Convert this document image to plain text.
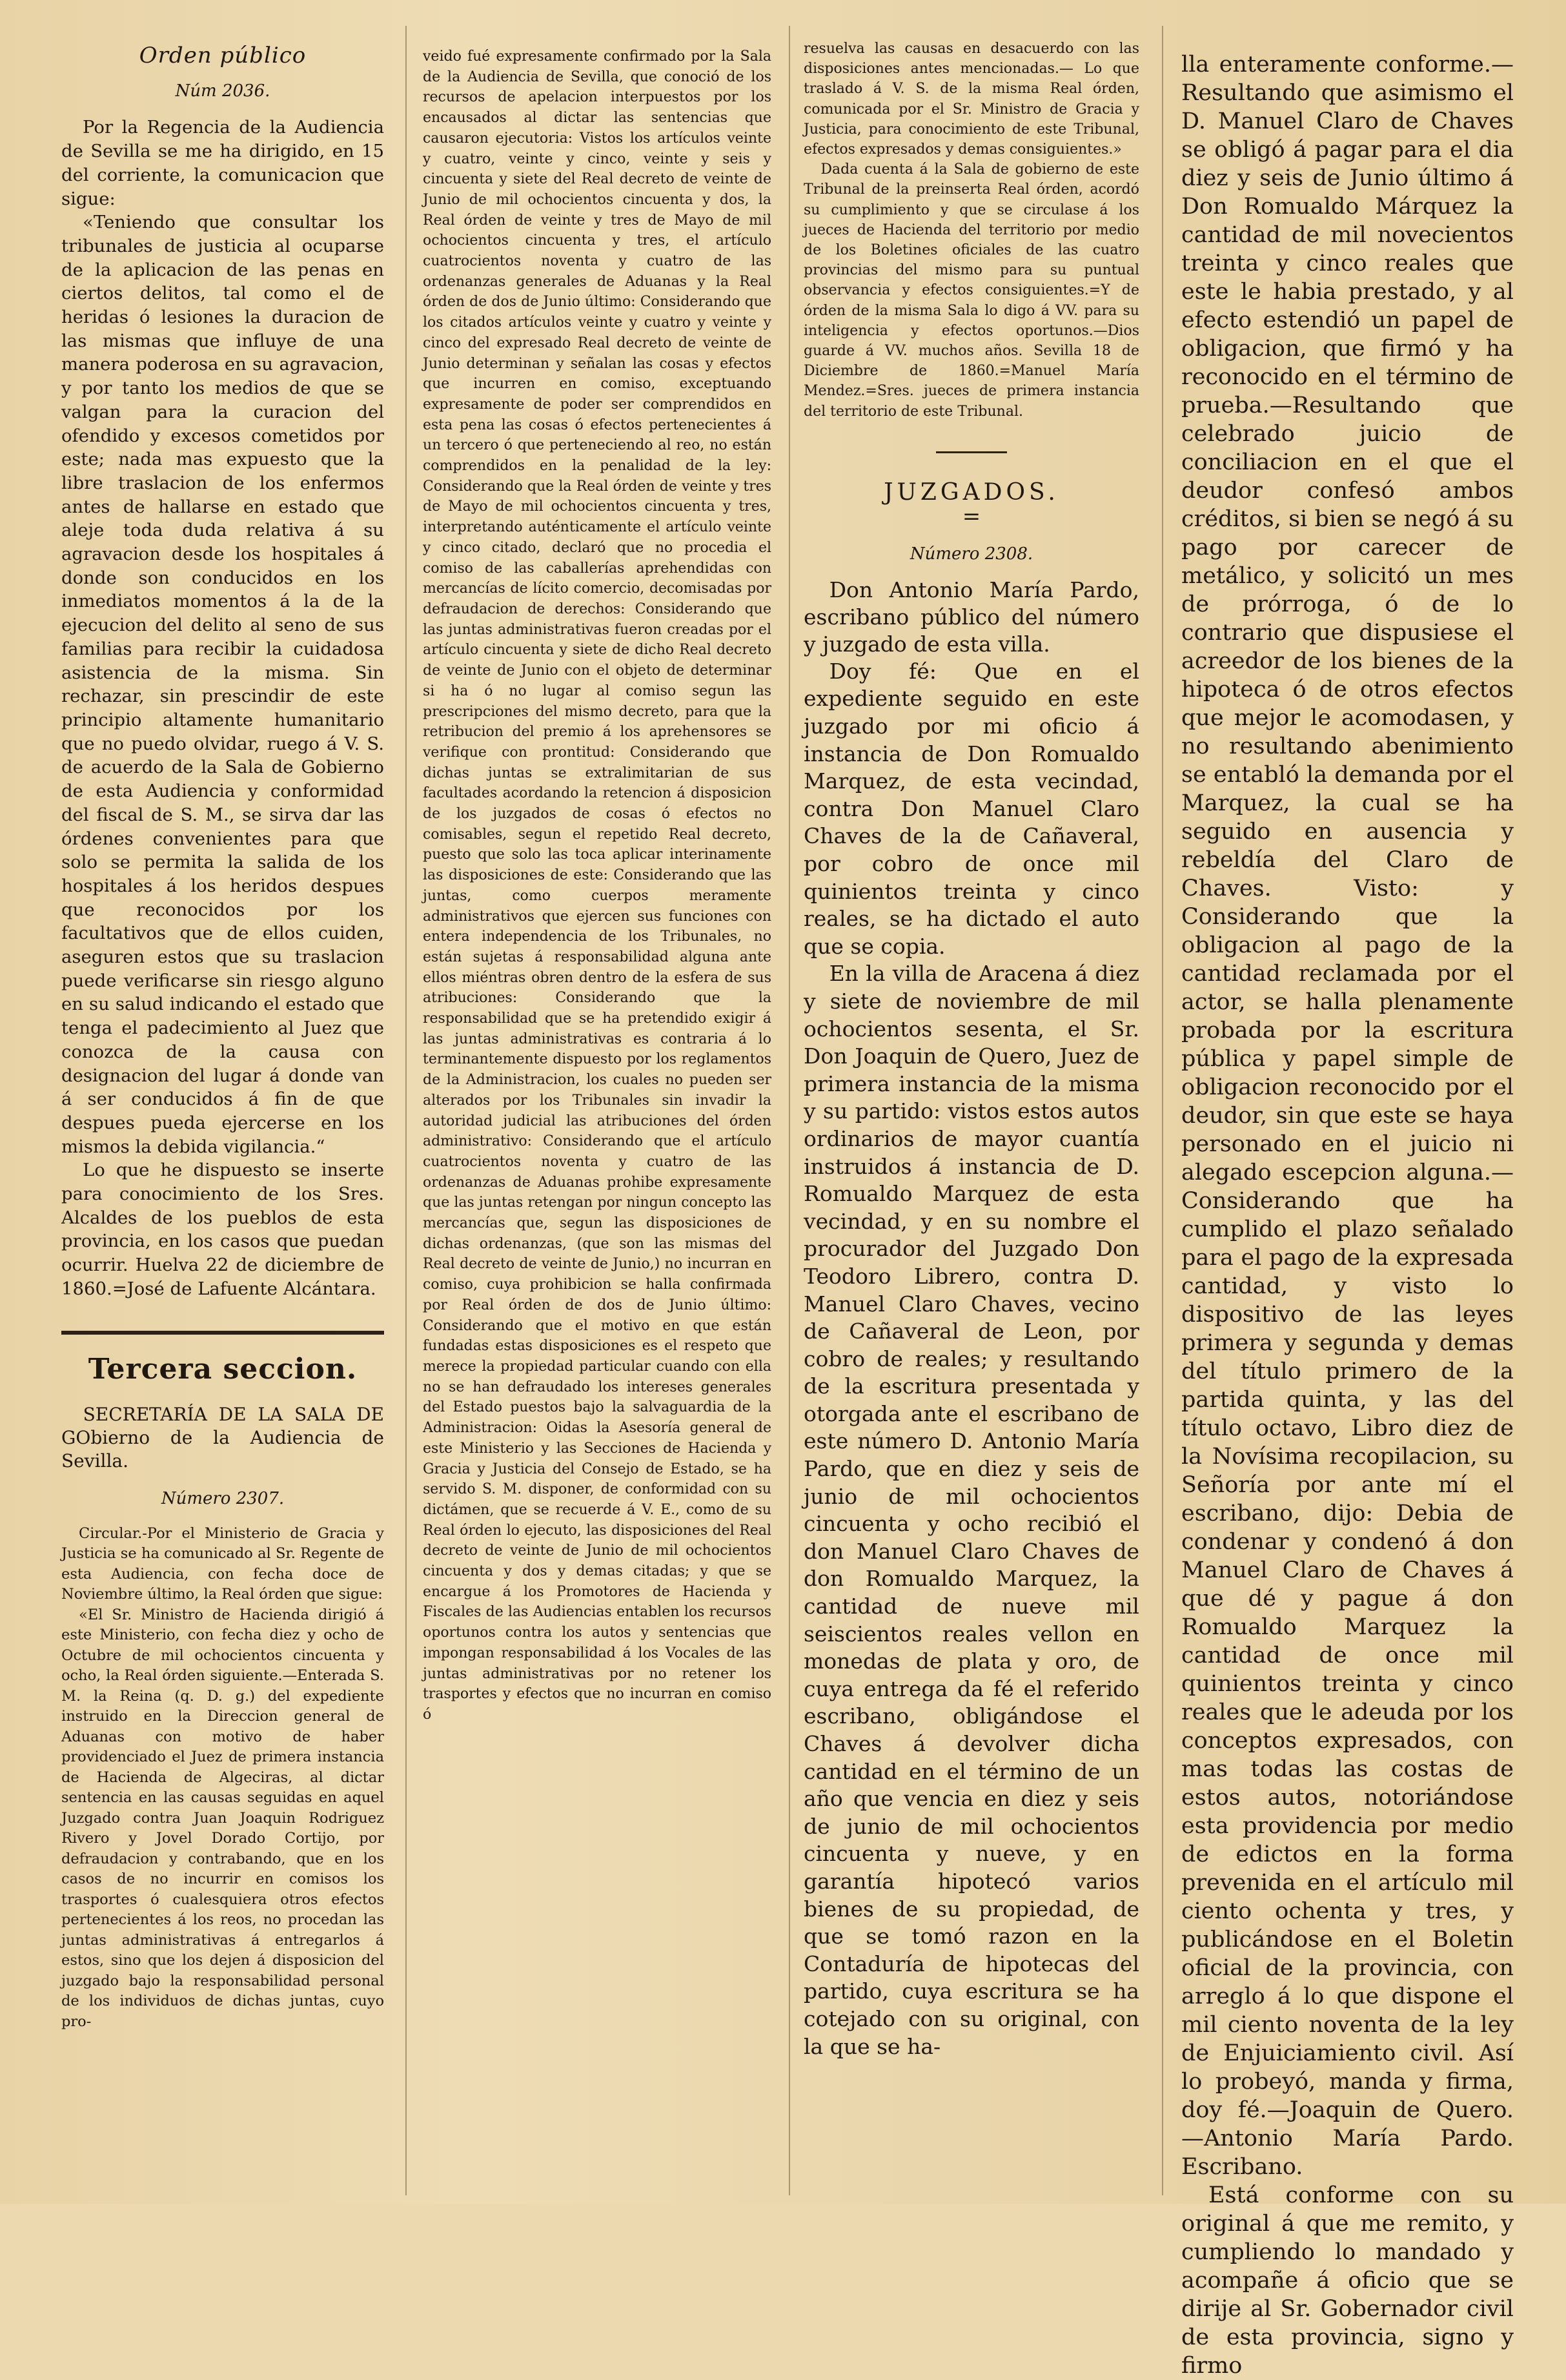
Orden público
Núm 2036.

Por la Regencia de la Audiencia de Sevilla se me ha dirigido, en 15 del corriente, la comunicacion que sigue:

«Teniendo que consultar los tribunales de justicia al ocuparse de la aplicacion de las penas en ciertos delitos, tal como el de heridas ó lesiones la duracion de las mismas que influye de una manera poderosa en su agravacion, y por tanto los medios de que se valgan para la curacion del ofendido y excesos cometidos por este; nada mas expuesto que la libre traslacion de los enfermos antes de hallarse en estado que aleje toda duda relativa á su agravacion desde los hospitales á donde son conducidos en los inmediatos momentos á la de la ejecucion del delito al seno de sus familias para recibir la cuidadosa asistencia de la misma. Sin rechazar, sin prescindir de este principio altamente humanitario que no puedo olvidar, ruego á V. S. de acuerdo de la Sala de Gobierno de esta Audiencia y conformidad del fiscal de S. M., se sirva dar las órdenes convenientes para que solo se permita la salida de los hospitales á los heridos despues que reconocidos por los facultativos que de ellos cuiden, aseguren estos que su traslacion puede verificarse sin riesgo alguno en su salud indicando el estado que tenga el padecimiento al Juez que conozca de la causa con designacion del lugar á donde van á ser conducidos á fin de que despues pueda ejercerse en los mismos la debida vigilancia.“

Lo que he dispuesto se inserte para conocimiento de los Sres. Alcaldes de los pueblos de esta provincia, en los casos que puedan ocurrir. Huelva 22 de diciembre de 1860.=José de Lafuente Alcántara.

Tercera seccion.

SECRETARÍA DE LA SALA DE GObierno de la Audiencia de Sevilla.

Número 2307.

Circular.-Por el Ministerio de Gracia y Justicia se ha comunicado al Sr. Regente de esta Audiencia, con fecha doce de Noviembre último, la Real órden que sigue:

«El Sr. Ministro de Hacienda dirigió á este Ministerio, con fecha diez y ocho de Octubre de mil ochocientos cincuenta y ocho, la Real órden siguiente.—Enterada S. M. la Reina (q. D. g.) del expediente instruido en la Direccion general de Aduanas con motivo de haber providenciado el Juez de primera instancia de Hacienda de Algeciras, al dictar sentencia en las causas seguidas en aquel Juzgado contra Juan Joaquin Rodriguez Rivero y Jovel Dorado Cortijo, por defraudacion y contrabando, que en los casos de no incurrir en comisos los trasportes ó cualesquiera otros efectos pertenecientes á los reos, no procedan las juntas administrativas á entregarlos á estos, sino que los dejen á disposicion del juzgado bajo la responsabilidad personal de los individuos de dichas juntas, cuyo pro-

veido fué expresamente confirmado por la Sala de la Audiencia de Sevilla, que conoció de los recursos de apelacion interpuestos por los encausados al dictar las sentencias que causaron ejecutoria: Vistos los artículos veinte y cuatro, veinte y cinco, veinte y seis y cincuenta y siete del Real decreto de veinte de Junio de mil ochocientos cincuenta y dos, la Real órden de veinte y tres de Mayo de mil ochocientos cincuenta y tres, el artículo cuatrocientos noventa y cuatro de las ordenanzas generales de Aduanas y la Real órden de dos de Junio último: Considerando que los citados artículos veinte y cuatro y veinte y cinco del expresado Real decreto de veinte de Junio determinan y señalan las cosas y efectos que incurren en comiso, exceptuando expresamente de poder ser comprendidos en esta pena las cosas ó efectos pertenecientes á un tercero ó que perteneciendo al reo, no están comprendidos en la penalidad de la ley: Considerando que la Real órden de veinte y tres de Mayo de mil ochocientos cincuenta y tres, interpretando auténticamente el artículo veinte y cinco citado, declaró que no procedia el comiso de las caballerías aprehendidas con mercancías de lícito comercio, decomisadas por defraudacion de derechos: Considerando que las juntas administrativas fueron creadas por el artículo cincuenta y siete de dicho Real decreto de veinte de Junio con el objeto de determinar si ha ó no lugar al comiso segun las prescripciones del mismo decreto, para que la retribucion del premio á los aprehensores se verifique con prontitud: Considerando que dichas juntas se extralimitarian de sus facultades acordando la retencion á disposicion de los juzgados de cosas ó efectos no comisables, segun el repetido Real decreto, puesto que solo las toca aplicar interinamente las disposiciones de este: Considerando que las juntas, como cuerpos meramente administrativos que ejercen sus funciones con entera independencia de los Tribunales, no están sujetas á responsabilidad alguna ante ellos miéntras obren dentro de la esfera de sus atribuciones: Considerando que la responsabilidad que se ha pretendido exigir á las juntas administrativas es contraria á lo terminantemente dispuesto por los reglamentos de la Administracion, los cuales no pueden ser alterados por los Tribunales sin invadir la autoridad judicial las atribuciones del órden administrativo: Considerando que el artículo cuatrocientos noventa y cuatro de las ordenanzas de Aduanas prohibe expresamente que las juntas retengan por ningun concepto las mercancías que, segun las disposiciones de dichas ordenanzas, (que son las mismas del Real decreto de veinte de Junio,) no incurran en comiso, cuya prohibicion se halla confirmada por Real órden de dos de Junio último: Considerando que el motivo en que están fundadas estas disposiciones es el respeto que merece la propiedad particular cuando con ella no se han defraudado los intereses generales del Estado puestos bajo la salvaguardia de la Administracion: Oidas la Asesoría general de este Ministerio y las Secciones de Hacienda y Gracia y Justicia del Consejo de Estado, se ha servido S. M. disponer, de conformidad con su dictámen, que se recuerde á V. E., como de su Real órden lo ejecuto, las disposiciones del Real decreto de veinte de Junio de mil ochocientos cincuenta y dos y demas citadas; y que se encargue á los Promotores de Hacienda y Fiscales de las Audiencias entablen los recursos oportunos contra los autos y sentencias que impongan responsabilidad á los Vocales de las juntas administrativas por no retener los trasportes y efectos que no incurran en comiso ó

resuelva las causas en desacuerdo con las disposiciones antes mencionadas.— Lo que traslado á V. S. de la misma Real órden, comunicada por el Sr. Ministro de Gracia y Justicia, para conocimiento de este Tribunal, efectos expresados y demas consiguientes.»

Dada cuenta á la Sala de gobierno de este Tribunal de la preinserta Real órden, acordó su cumplimiento y que se circulase á los jueces de Hacienda del territorio por medio de los Boletines oficiales de las cuatro provincias del mismo para su puntual observancia y efectos consiguientes.=Y de órden de la misma Sala lo digo á VV. para su inteligencia y efectos oportunos.—Dios guarde á VV. muchos años. Sevilla 18 de Diciembre de 1860.=Manuel María Mendez.=Sres. jueces de primera instancia del territorio de este Tribunal.

JUZGADOS.
=
Número 2308.

Don Antonio María Pardo, escribano público del número y juzgado de esta villa.

Doy fé: Que en el expediente seguido en este juzgado por mi oficio á instancia de Don Romualdo Marquez, de esta vecindad, contra Don Manuel Claro Chaves de la de Cañaveral, por cobro de once mil quinientos treinta y cinco reales, se ha dictado el auto que se copia.

En la villa de Aracena á diez y siete de noviembre de mil ochocientos sesenta, el Sr. Don Joaquin de Quero, Juez de primera instancia de la misma y su partido: vistos estos autos ordinarios de mayor cuantía instruidos á instancia de D. Romualdo Marquez de esta vecindad, y en su nombre el procurador del Juzgado Don Teodoro Librero, contra D. Manuel Claro Chaves, vecino de Cañaveral de Leon, por cobro de reales; y resultando de la escritura presentada y otorgada ante el escribano de este número D. Antonio María Pardo, que en diez y seis de junio de mil ochocientos cincuenta y ocho recibió el don Manuel Claro Chaves de don Romualdo Marquez, la cantidad de nueve mil seiscientos reales vellon en monedas de plata y oro, de cuya entrega da fé el referido escribano, obligándose el Chaves á devolver dicha cantidad en el término de un año que vencia en diez y seis de junio de mil ochocientos cincuenta y nueve, y en garantía hipotecó varios bienes de su propiedad, de que se tomó razon en la Contaduría de hipotecas del partido, cuya escritura se ha cotejado con su original, con la que se ha-

lla enteramente conforme.— Resultando que asimismo el D. Manuel Claro de Chaves se obligó á pagar para el dia diez y seis de Junio último á Don Romualdo Márquez la cantidad de mil novecientos treinta y cinco reales que este le habia prestado, y al efecto estendió un papel de obligacion, que firmó y ha reconocido en el término de prueba.—Resultando que celebrado juicio de conciliacion en el que el deudor confesó ambos créditos, si bien se negó á su pago por carecer de metálico, y solicitó un mes de prórroga, ó de lo contrario que dispusiese el acreedor de los bienes de la hipoteca ó de otros efectos que mejor le acomodasen, y no resultando abenimiento se entabló la demanda por el Marquez, la cual se ha seguido en ausencia y rebeldía del Claro de Chaves. Visto: y Considerando que la obligacion al pago de la cantidad reclamada por el actor, se halla plenamente probada por la escritura pública y papel simple de obligacion reconocido por el deudor, sin que este se haya personado en el juicio ni alegado escepcion alguna.—Considerando que ha cumplido el plazo señalado para el pago de la expresada cantidad, y visto lo dispositivo de las leyes primera y segunda y demas del título primero de la partida quinta, y las del título octavo, Libro diez de la Novísima recopilacion, su Señoría por ante mí el escribano, dijo: Debia de condenar y condenó á don Manuel Claro de Chaves á que dé y pague á don Romualdo Marquez la cantidad de once mil quinientos treinta y cinco reales que le adeuda por los conceptos expresados, con mas todas las costas de estos autos, notoriándose esta providencia por medio de edictos en la forma prevenida en el artículo mil ciento ochenta y tres, y publicándose en el Boletin oficial de la provincia, con arreglo á lo que dispone el mil ciento noventa de la ley de Enjuiciamiento civil. Así lo probeyó, manda y firma, doy fé.—Joaquin de Quero. —Antonio María Pardo. Escribano.

Está conforme con su original á que me remito, y cumpliendo lo mandado y acompañe á oficio que se dirije al Sr. Gobernador civil de esta provincia, signo y firmo
